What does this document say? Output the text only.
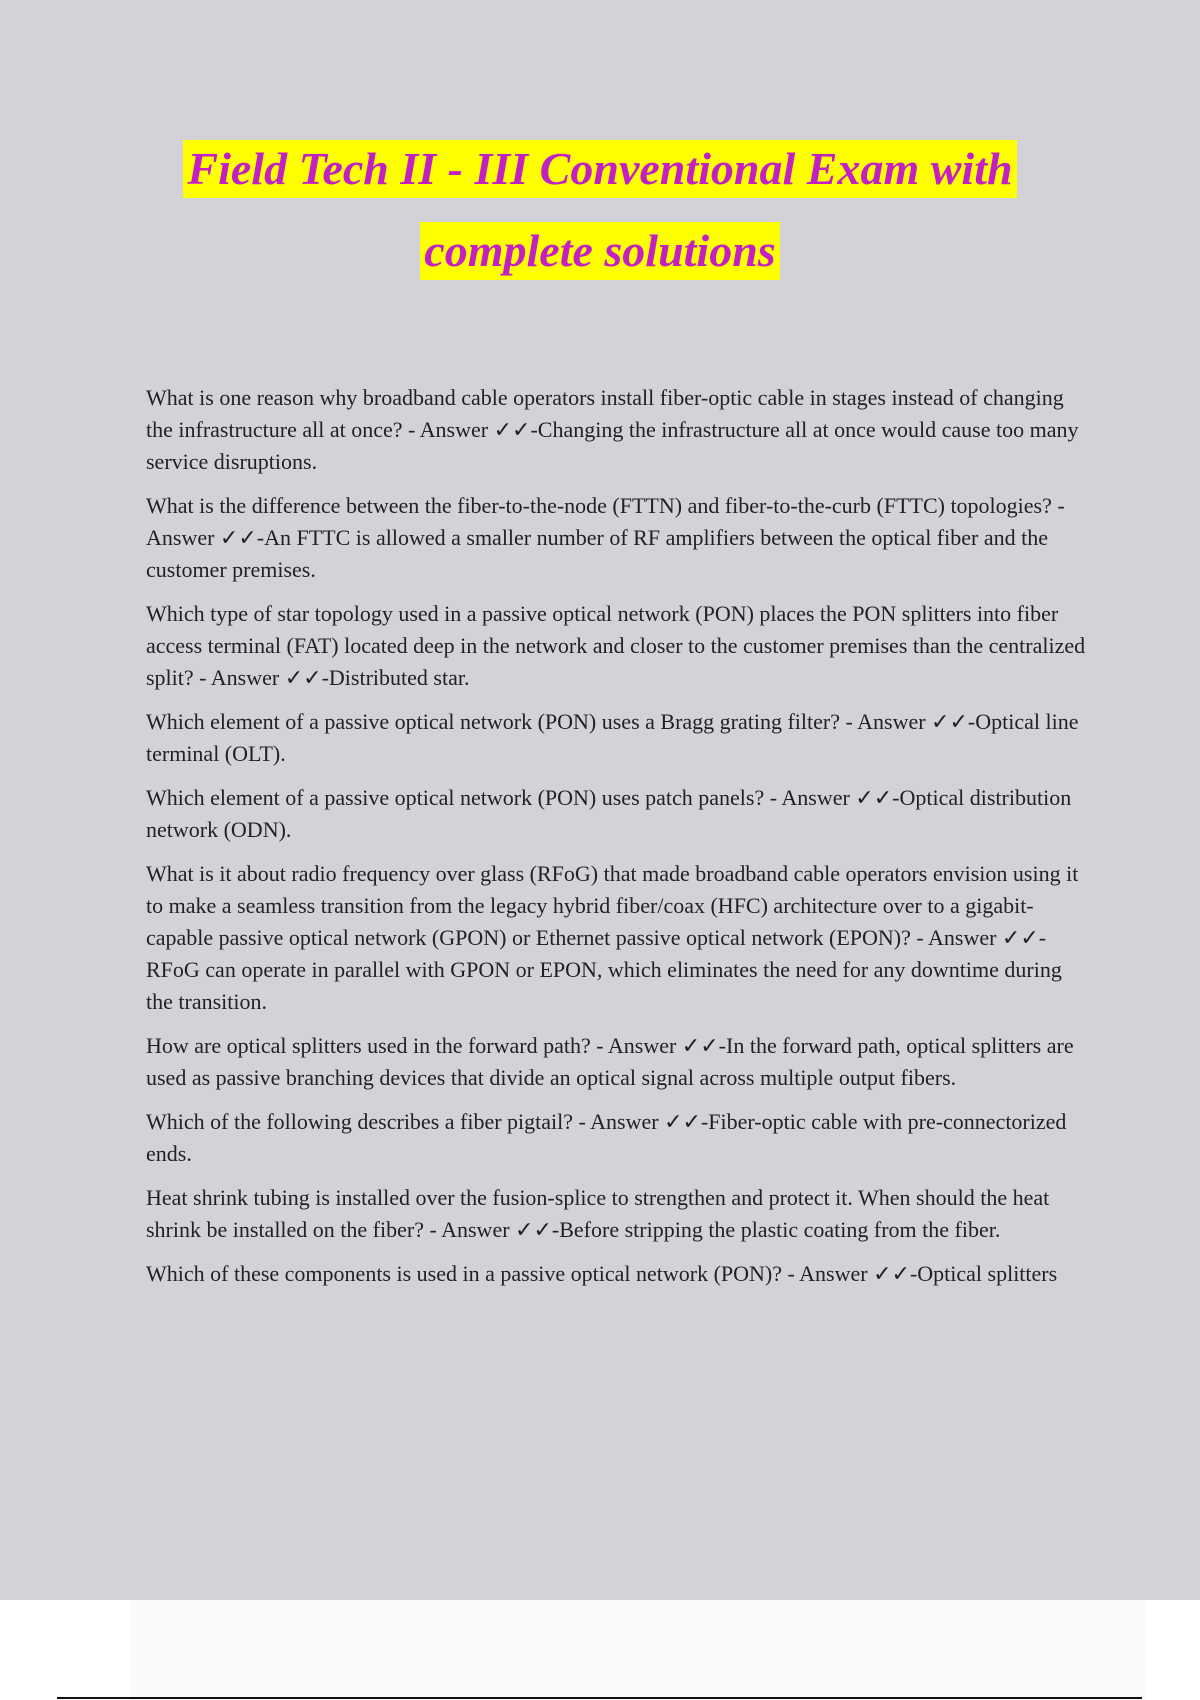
Field Tech II - III Conventional Exam with
complete solutions

What is one reason why broadband cable operators install fiber-optic cable in stages instead of changing the infrastructure all at once? - Answer ✓✓-Changing the infrastructure all at once would cause too many service disruptions.

What is the difference between the fiber-to-the-node (FTTN) and fiber-to-the-curb (FTTC) topologies? - Answer ✓✓-An FTTC is allowed a smaller number of RF amplifiers between the optical fiber and the customer premises.

Which type of star topology used in a passive optical network (PON) places the PON splitters into fiber access terminal (FAT) located deep in the network and closer to the customer premises than the centralized split? - Answer ✓✓-Distributed star.

Which element of a passive optical network (PON) uses a Bragg grating filter? - Answer ✓✓-Optical line terminal (OLT).

Which element of a passive optical network (PON) uses patch panels? - Answer ✓✓-Optical distribution network (ODN).

What is it about radio frequency over glass (RFoG) that made broadband cable operators envision using it to make a seamless transition from the legacy hybrid fiber/coax (HFC) architecture over to a gigabit-capable passive optical network (GPON) or Ethernet passive optical network (EPON)? - Answer ✓✓-RFoG can operate in parallel with GPON or EPON, which eliminates the need for any downtime during the transition.

How are optical splitters used in the forward path? - Answer ✓✓-In the forward path, optical splitters are used as passive branching devices that divide an optical signal across multiple output fibers.

Which of the following describes a fiber pigtail? - Answer ✓✓-Fiber-optic cable with pre-connectorized ends.

Heat shrink tubing is installed over the fusion-splice to strengthen and protect it. When should the heat shrink be installed on the fiber? - Answer ✓✓-Before stripping the plastic coating from the fiber.

Which of these components is used in a passive optical network (PON)? - Answer ✓✓-Optical splitters
